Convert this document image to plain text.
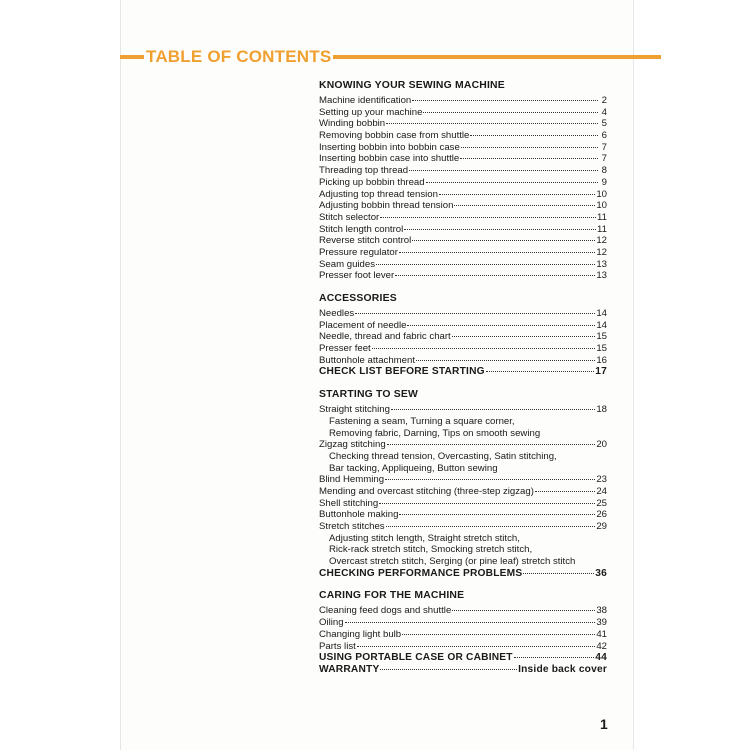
TABLE OF CONTENTS
KNOWING YOUR SEWING MACHINE
Machine identification	2
Setting up your machine	4
Winding bobbin	5
Removing bobbin case from shuttle	6
Inserting bobbin into bobbin case	7
Inserting bobbin case into shuttle	7
Threading top thread	8
Picking up bobbin thread	9
Adjusting top thread tension	10
Adjusting bobbin thread tension	10
Stitch selector	11
Stitch length control	11
Reverse stitch control	12
Pressure regulator	12
Seam guides	13
Presser foot lever	13
ACCESSORIES
Needles	14
Placement of needle	14
Needle, thread and fabric chart	15
Presser feet	15
Buttonhole attachment	16
CHECK LIST BEFORE STARTING	17
STARTING TO SEW
Straight stitching	18
Fastening a seam, Turning a square corner,
Removing fabric, Darning, Tips on smooth sewing
Zigzag stitching	20
Checking thread tension, Overcasting, Satin stitching,
Bar tacking, Appliqueing, Button sewing
Blind Hemming	23
Mending and overcast stitching (three-step zigzag)	24
Shell stitching	25
Buttonhole making	26
Stretch stitches	29
Adjusting stitch length, Straight stretch stitch,
Rick-rack stretch stitch, Smocking stretch stitch,
Overcast stretch stitch, Serging (or pine leaf) stretch stitch
CHECKING PERFORMANCE PROBLEMS	36
CARING FOR THE MACHINE
Cleaning feed dogs and shuttle	38
Oiling	39
Changing light bulb	41
Parts list	42
USING PORTABLE CASE OR CABINET	44
WARRANTY	Inside back cover
1
